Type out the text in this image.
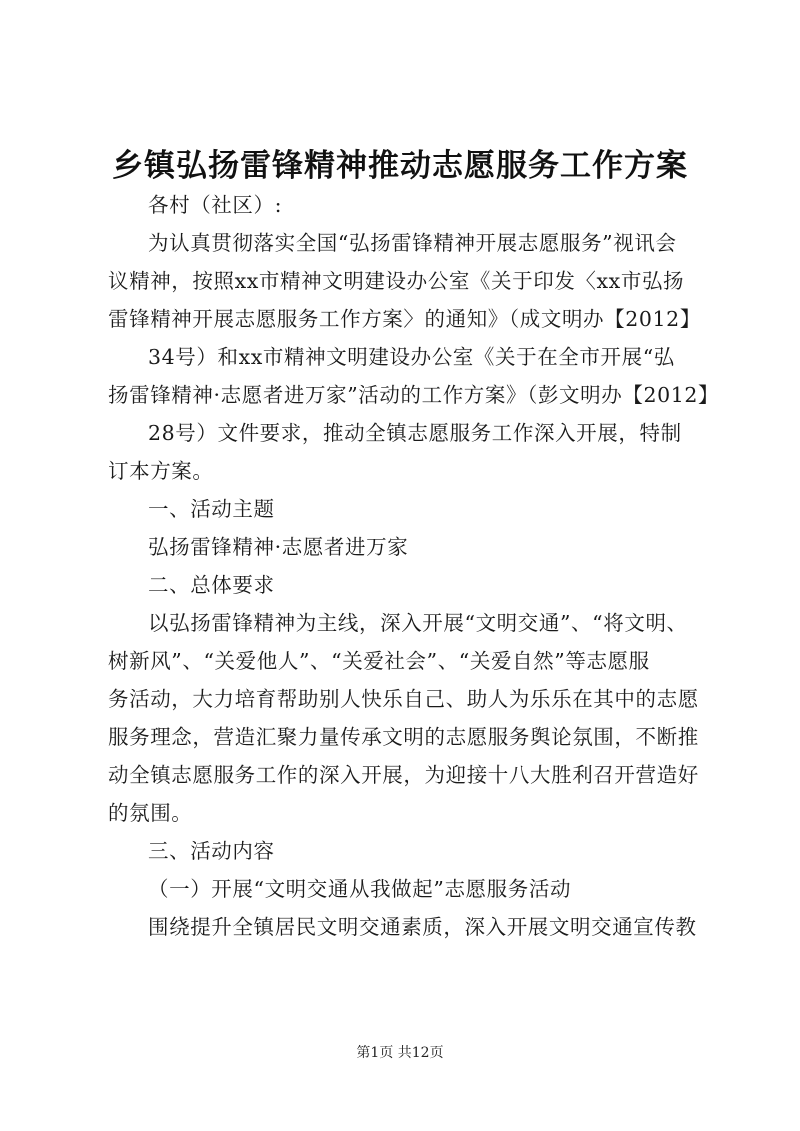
乡镇弘扬雷锋精神推动志愿服务工作方案
各村（社区）:
为认真贯彻落实全国“弘扬雷锋精神开展志愿服务”视讯会
议精神，按照xx市精神文明建设办公室《关于印发〈xx市弘扬
雷锋精神开展志愿服务工作方案〉的通知》（成文明办【2012】
34号）和xx市精神文明建设办公室《关于在全市开展“弘
扬雷锋精神·志愿者进万家”活动的工作方案》（彭文明办【2012】
28号）文件要求，推动全镇志愿服务工作深入开展，特制
订本方案。
一、活动主题
弘扬雷锋精神·志愿者进万家
二、总体要求
以弘扬雷锋精神为主线，深入开展“文明交通”、“将文明、
树新风”、“关爱他人”、“关爱社会”、“关爱自然”等志愿服
务活动，大力培育帮助别人快乐自己、助人为乐乐在其中的志愿
服务理念，营造汇聚力量传承文明的志愿服务舆论氛围，不断推
动全镇志愿服务工作的深入开展，为迎接十八大胜利召开营造好
的氛围。
三、活动内容
（一）开展“文明交通从我做起”志愿服务活动
围绕提升全镇居民文明交通素质，深入开展文明交通宣传教
第1页 共12页
